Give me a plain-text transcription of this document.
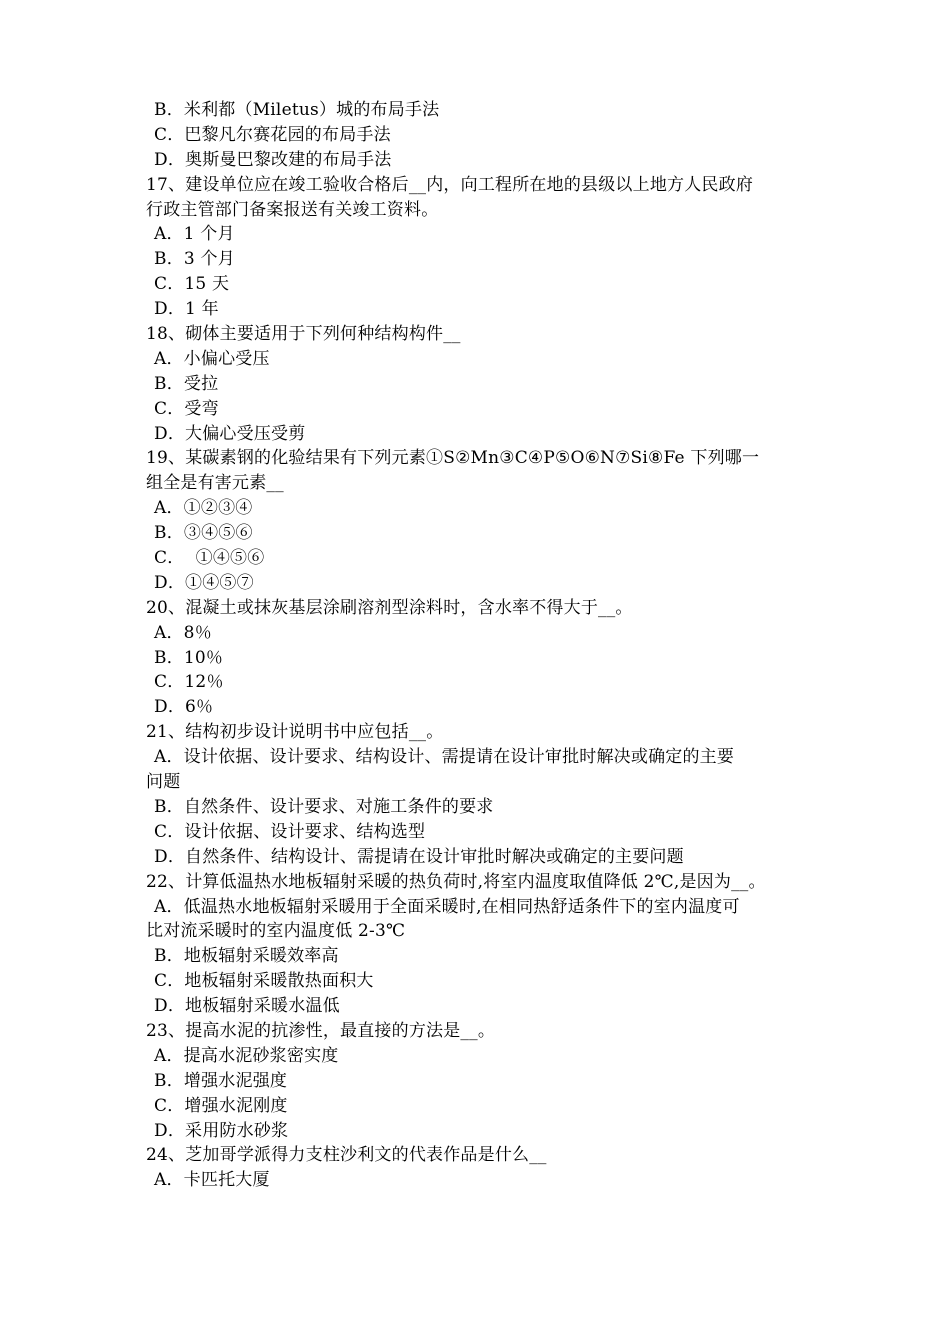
B．米利都（Miletus）城的布局手法
C．巴黎凡尔赛花园的布局手法
D．奥斯曼巴黎改建的布局手法
17、建设单位应在竣工验收合格后__内，向工程所在地的县级以上地方人民政府
行政主管部门备案报送有关竣工资料。
A．1 个月
B．3 个月
C．15 天
D．1 年
18、砌体主要适用于下列何种结构构件__
A．小偏心受压
B．受拉
C．受弯
D．大偏心受压受剪
19、某碳素钢的化验结果有下列元素①S②Mn③C④P⑤O⑥N⑦Si⑧Fe 下列哪一
组全是有害元素__
A．①②③④
B．③④⑤⑥
C．  ①④⑤⑥
D．①④⑤⑦
20、混凝土或抹灰基层涂刷溶剂型涂料时，含水率不得大于__。
A．8％
B．10％
C．12％
D．6％
21、结构初步设计说明书中应包括__。
A．设计依据、设计要求、结构设计、需提请在设计审批时解决或确定的主要
问题
B．自然条件、设计要求、对施工条件的要求
C．设计依据、设计要求、结构选型
D．自然条件、结构设计、需提请在设计审批时解决或确定的主要问题
22、计算低温热水地板辐射采暖的热负荷时,将室内温度取值降低 2℃,是因为__。
A．低温热水地板辐射采暖用于全面采暖时,在相同热舒适条件下的室内温度可
比对流采暖时的室内温度低 2-3℃
B．地板辐射采暖效率高
C．地板辐射采暖散热面积大
D．地板辐射采暖水温低
23、提高水泥的抗渗性，最直接的方法是__。
A．提高水泥砂浆密实度
B．增强水泥强度
C．增强水泥刚度
D．采用防水砂浆
24、芝加哥学派得力支柱沙利文的代表作品是什么__
A．卡匹托大厦
